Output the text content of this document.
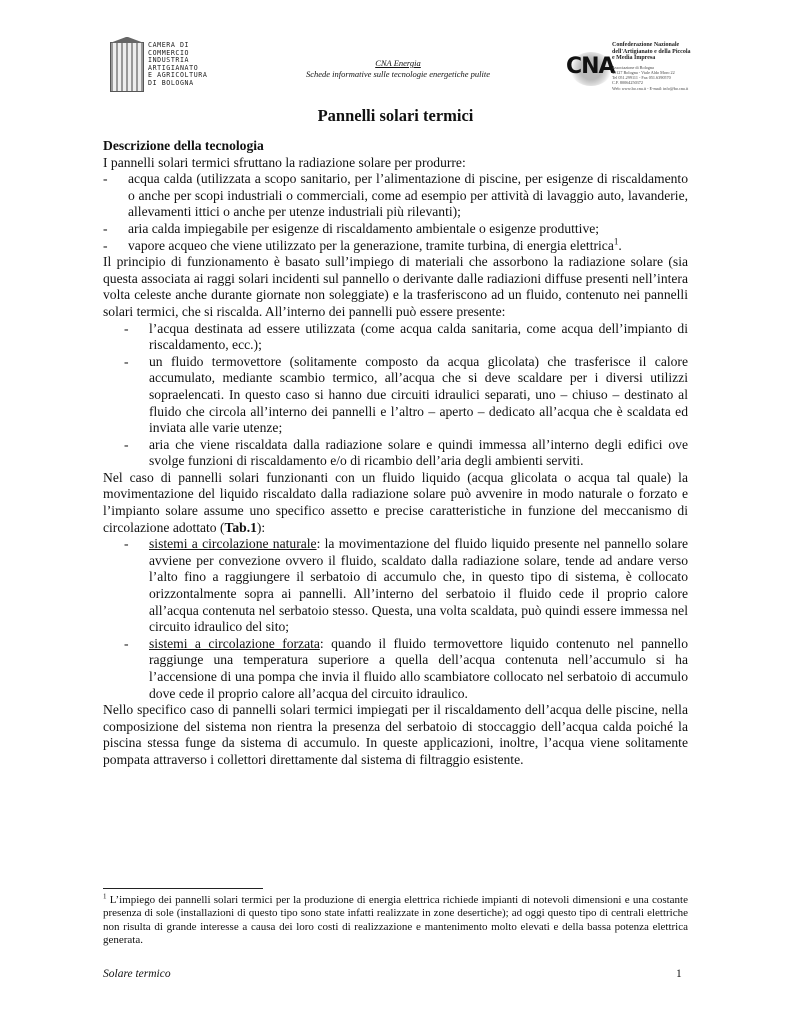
CAMERA DI
COMMERCIO
INDUSTRIA
ARTIGIANATO
E AGRICOLTURA
DI BOLOGNA
CNA Energia
Schede informative sulle tecnologie energetiche pulite	CNA
Confederazione Nazionale
dell'Artigianato e della Piccola
e Media Impresa
Associazione di Bologna
40127 Bologna - Viale Aldo Moro 22
Tel 051.299111 - Fax 051.6390570
C.F. 80064250372
Web: www.bo.cna.it - E-mail: info@bo.cna.it
Pannelli solari termici
Descrizione della tecnologia
I pannelli solari termici sfruttano la radiazione solare per produrre:
-	acqua calda (utilizzata a scopo sanitario, per l’alimentazione di piscine, per esigenze di riscaldamento o anche per scopi industriali o commerciali, come ad esempio per attività di lavaggio auto, lavanderie, allevamenti ittici o anche per utenze industriali più rilevanti);
-	aria calda impiegabile per esigenze di riscaldamento ambientale o esigenze produttive;
-	vapore acqueo che viene utilizzato per la generazione, tramite turbina, di energia elettrica$^1$.
Il principio di funzionamento è basato sull’impiego di materiali che assorbono la radiazione solare (sia questa associata ai raggi solari incidenti sul pannello o derivante dalle radiazioni diffuse presenti nell’intera volta celeste anche durante giornate non soleggiate) e la trasferiscono ad un fluido, contenuto nei pannelli solari termici, che si riscalda. All’interno dei pannelli può essere presente:
-	l’acqua destinata ad essere utilizzata (come acqua calda sanitaria, come acqua dell’impianto di riscaldamento, ecc.);
-	un fluido termovettore (solitamente composto da acqua glicolata) che trasferisce il calore accumulato, mediante scambio termico, all’acqua che si deve scaldare per i diversi utilizzi sopraelencati. In questo caso si hanno due circuiti idraulici separati, uno – chiuso – destinato al fluido che circola all’interno dei pannelli e l’altro – aperto – dedicato all’acqua che è scaldata ed inviata alle varie utenze;
-	aria che viene riscaldata dalla radiazione solare e quindi immessa all’interno degli edifici ove svolge funzioni di riscaldamento e/o di ricambio dell’aria degli ambienti serviti.
Nel caso di pannelli solari funzionanti con un fluido liquido (acqua glicolata o acqua tal quale) la movimentazione del liquido riscaldato dalla radiazione solare può avvenire in modo naturale o forzato e l’impianto solare assume uno specifico assetto e precise caratteristiche in funzione del meccanismo di circolazione adottato (Tab.1):
-	sistemi a circolazione naturale: la movimentazione del fluido liquido presente nel pannello solare avviene per convezione ovvero il fluido, scaldato dalla radiazione solare, tende ad andare verso l’alto fino a raggiungere il serbatoio di accumulo che, in questo tipo di sistema, è collocato orizzontalmente sopra ai pannelli. All’interno del serbatoio il fluido cede il proprio calore all’acqua contenuta nel serbatoio stesso. Questa, una volta scaldata, può quindi essere immessa nel circuito idraulico del sito;
-	sistemi a circolazione forzata: quando il fluido termovettore liquido contenuto nel pannello raggiunge una temperatura superiore a quella dell’acqua contenuta nell’accumulo si ha l’accensione di una pompa che invia il fluido allo scambiatore collocato nel serbatoio di accumulo dove cede il proprio calore all’acqua del circuito idraulico.
Nello specifico caso di pannelli solari termici impiegati per il riscaldamento dell’acqua delle piscine, nella composizione del sistema non rientra la presenza del serbatoio di stoccaggio dell’acqua calda poiché la piscina stessa funge da sistema di accumulo. In queste applicazioni, inoltre, l’acqua viene solitamente pompata attraverso i collettori direttamente dal sistema di filtraggio esistente.
$^1$ L’impiego dei pannelli solari termici per la produzione di energia elettrica richiede impianti di notevoli dimensioni e una costante presenza di sole (installazioni di questo tipo sono state infatti realizzate in zone desertiche); ad oggi questo tipo di centrali elettriche non risulta di grande interesse a causa dei loro costi di realizzazione e mantenimento molto elevati e della bassa potenza elettrica generata.
Solare termico	1
